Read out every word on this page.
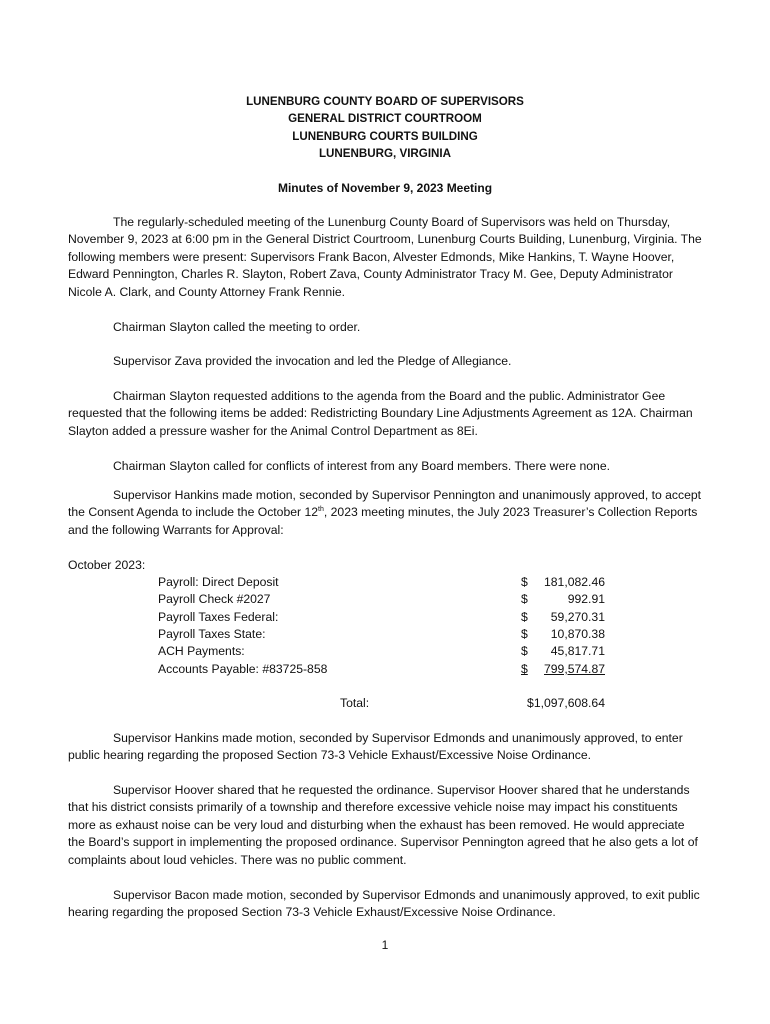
LUNENBURG COUNTY BOARD OF SUPERVISORS
GENERAL DISTRICT COURTROOM
LUNENBURG COURTS BUILDING
LUNENBURG, VIRGINIA
Minutes of November 9, 2023 Meeting

The regularly-scheduled meeting of the Lunenburg County Board of Supervisors was held on Thursday, November 9, 2023 at 6:00 pm in the General District Courtroom, Lunenburg Courts Building, Lunenburg, Virginia. The following members were present: Supervisors Frank Bacon, Alvester Edmonds, Mike Hankins, T. Wayne Hoover, Edward Pennington, Charles R. Slayton, Robert Zava, County Administrator Tracy M. Gee, Deputy Administrator Nicole A. Clark, and County Attorney Frank Rennie.

Chairman Slayton called the meeting to order.

Supervisor Zava provided the invocation and led the Pledge of Allegiance.

Chairman Slayton requested additions to the agenda from the Board and the public. Administrator Gee requested that the following items be added: Redistricting Boundary Line Adjustments Agreement as 12A. Chairman Slayton added a pressure washer for the Animal Control Department as 8Ei.

Chairman Slayton called for conflicts of interest from any Board members. There were none.

Supervisor Hankins made motion, seconded by Supervisor Pennington and unanimously approved, to accept the Consent Agenda to include the October 12th, 2023 meeting minutes, the July 2023 Treasurer’s Collection Reports and the following Warrants for Approval:

October 2023:
Payroll: Direct Deposit	$ 181,082.46
Payroll Check #2027	$	992.91
Payroll Taxes Federal:	$ 59,270.31
Payroll Taxes State:	$ 10,870.38
ACH Payments:	$ 45,817.71
Accounts Payable: #83725-858	$ 799,574.87
Total:	$1,097,608.64

Supervisor Hankins made motion, seconded by Supervisor Edmonds and unanimously approved, to enter public hearing regarding the proposed Section 73-3 Vehicle Exhaust/Excessive Noise Ordinance.

Supervisor Hoover shared that he requested the ordinance. Supervisor Hoover shared that he understands that his district consists primarily of a township and therefore excessive vehicle noise may impact his constituents more as exhaust noise can be very loud and disturbing when the exhaust has been removed. He would appreciate the Board’s support in implementing the proposed ordinance. Supervisor Pennington agreed that he also gets a lot of complaints about loud vehicles. There was no public comment.

Supervisor Bacon made motion, seconded by Supervisor Edmonds and unanimously approved, to exit public hearing regarding the proposed Section 73-3 Vehicle Exhaust/Excessive Noise Ordinance.

1
